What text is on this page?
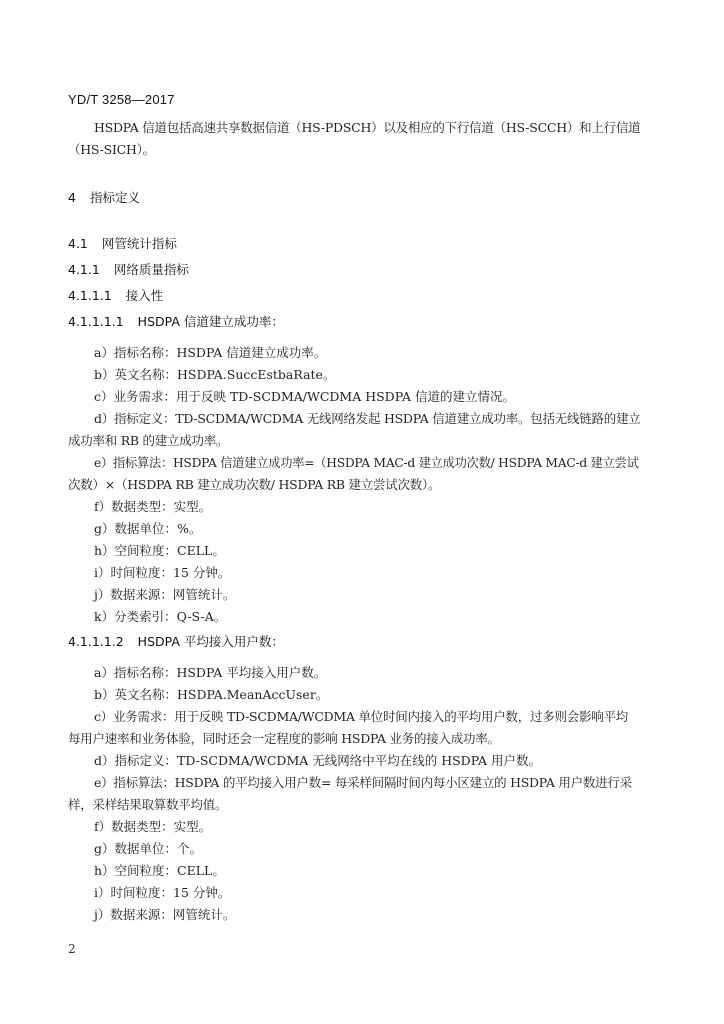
YD/T 3258—2017
HSDPA 信道包括高速共享数据信道（HS-PDSCH）以及相应的下行信道（HS-SCCH）和上行信道
（HS-SICH）。
4 指标定义
4.1 网管统计指标
4.1.1 网络质量指标
4.1.1.1 接入性
4.1.1.1.1 HSDPA 信道建立成功率：
a）指标名称：HSDPA 信道建立成功率。
b）英文名称：HSDPA.SuccEstbaRate。
c）业务需求：用于反映 TD-SCDMA/WCDMA HSDPA 信道的建立情况。
d）指标定义：TD-SCDMA/WCDMA 无线网络发起 HSDPA 信道建立成功率。包括无线链路的建立
成功率和 RB 的建立成功率。
e）指标算法：HSDPA 信道建立成功率=（HSDPA MAC-d 建立成功次数/ HSDPA MAC-d 建立尝试
次数）×（HSDPA RB 建立成功次数/ HSDPA RB 建立尝试次数）。
f）数据类型：实型。
g）数据单位：%。
h）空间粒度：CELL。
i）时间粒度：15 分钟。
j）数据来源：网管统计。
k）分类索引：Q-S-A。
4.1.1.1.2 HSDPA 平均接入用户数：
a）指标名称：HSDPA 平均接入用户数。
b）英文名称：HSDPA.MeanAccUser。
c）业务需求：用于反映 TD-SCDMA/WCDMA 单位时间内接入的平均用户数，过多则会影响平均
每用户速率和业务体验，同时还会一定程度的影响 HSDPA 业务的接入成功率。
d）指标定义：TD-SCDMA/WCDMA 无线网络中平均在线的 HSDPA 用户数。
e）指标算法：HSDPA 的平均接入用户数= 每采样间隔时间内每小区建立的 HSDPA 用户数进行采
样，采样结果取算数平均值。
f）数据类型：实型。
g）数据单位：个。
h）空间粒度：CELL。
i）时间粒度：15 分钟。
j）数据来源：网管统计。
2
